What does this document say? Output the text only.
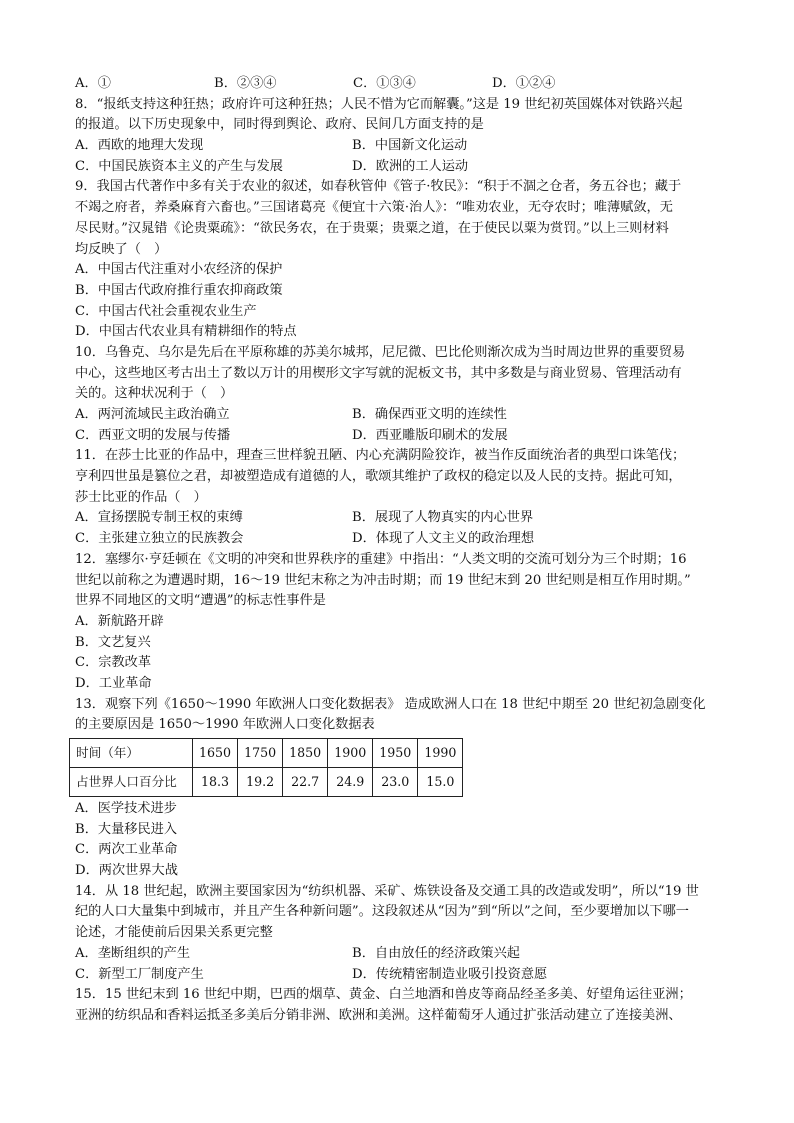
A．①	B．②③④	C．①③④	D．①②④
8．“报纸支持这种狂热；政府许可这种狂热；人民不惜为它而解囊。”这是 19 世纪初英国媒体对铁路兴起
的报道。以下历史现象中，同时得到舆论、政府、民间几方面支持的是
A．西欧的地理大发现	B．中国新文化运动
C．中国民族资本主义的产生与发展	D．欧洲的工人运动
9．我国古代著作中多有关于农业的叙述，如春秋管仲《管子·牧民》：“积于不涸之仓者，务五谷也；藏于
不竭之府者，养桑麻育六畜也。”三国诸葛亮《便宜十六策·治人》：“唯劝农业，无夺农时；唯薄赋敛，无
尽民财。”汉晁错《论贵粟疏》：“欲民务农，在于贵粟；贵粟之道，在于使民以粟为赏罚。”以上三则材料
均反映了（　）
A．中国古代注重对小农经济的保护
B．中国古代政府推行重农抑商政策
C．中国古代社会重视农业生产
D．中国古代农业具有精耕细作的特点
10．乌鲁克、乌尔是先后在平原称雄的苏美尔城邦，尼尼微、巴比伦则渐次成为当时周边世界的重要贸易
中心，这些地区考古出土了数以万计的用楔形文字写就的泥板文书，其中多数是与商业贸易、管理活动有
关的。这种状况利于（　）
A．两河流域民主政治确立	B．确保西亚文明的连续性
C．西亚文明的发展与传播	D．西亚雕版印刷术的发展
11．在莎士比亚的作品中，理查三世样貌丑陋、内心充满阴险狡诈，被当作反面统治者的典型口诛笔伐；
亨利四世虽是篡位之君，却被塑造成有道德的人，歌颂其维护了政权的稳定以及人民的支持。据此可知，
莎士比亚的作品（　）
A．宣扬摆脱专制王权的束缚	B．展现了人物真实的内心世界
C．主张建立独立的民族教会	D．体现了人文主义的政治理想
12．塞缪尔·亨廷顿在《文明的冲突和世界秩序的重建》中指出：“人类文明的交流可划分为三个时期；16
世纪以前称之为遭遇时期，16～19 世纪末称之为冲击时期；而 19 世纪末到 20 世纪则是相互作用时期。”
世界不同地区的文明“遭遇”的标志性事件是
A．新航路开辟
B．文艺复兴
C．宗教改革
D．工业革命
13．观察下列《1650～1990 年欧洲人口变化数据表》 造成欧洲人口在 18 世纪中期至 20 世纪初急剧变化
的主要原因是 1650～1990 年欧洲人口变化数据表
时间（年）	1650	1750	1850	1900	1950	1990
占世界人口百分比	18.3	19.2	22.7	24.9	23.0	15.0
A．医学技术进步
B．大量移民进入
C．两次工业革命
D．两次世界大战
14．从 18 世纪起，欧洲主要国家因为“纺织机器、采矿、炼铁设备及交通工具的改造或发明”，所以“19 世
纪的人口大量集中到城市，并且产生各种新问题”。这段叙述从“因为”到“所以”之间，至少要增加以下哪一
论述，才能使前后因果关系更完整
A．垄断组织的产生	B．自由放任的经济政策兴起
C．新型工厂制度产生	D．传统精密制造业吸引投资意愿
15．15 世纪末到 16 世纪中期，巴西的烟草、黄金、白兰地酒和兽皮等商品经圣多美、好望角运往亚洲；
亚洲的纺织品和香料运抵圣多美后分销非洲、欧洲和美洲。这样葡萄牙人通过扩张活动建立了连接美洲、
